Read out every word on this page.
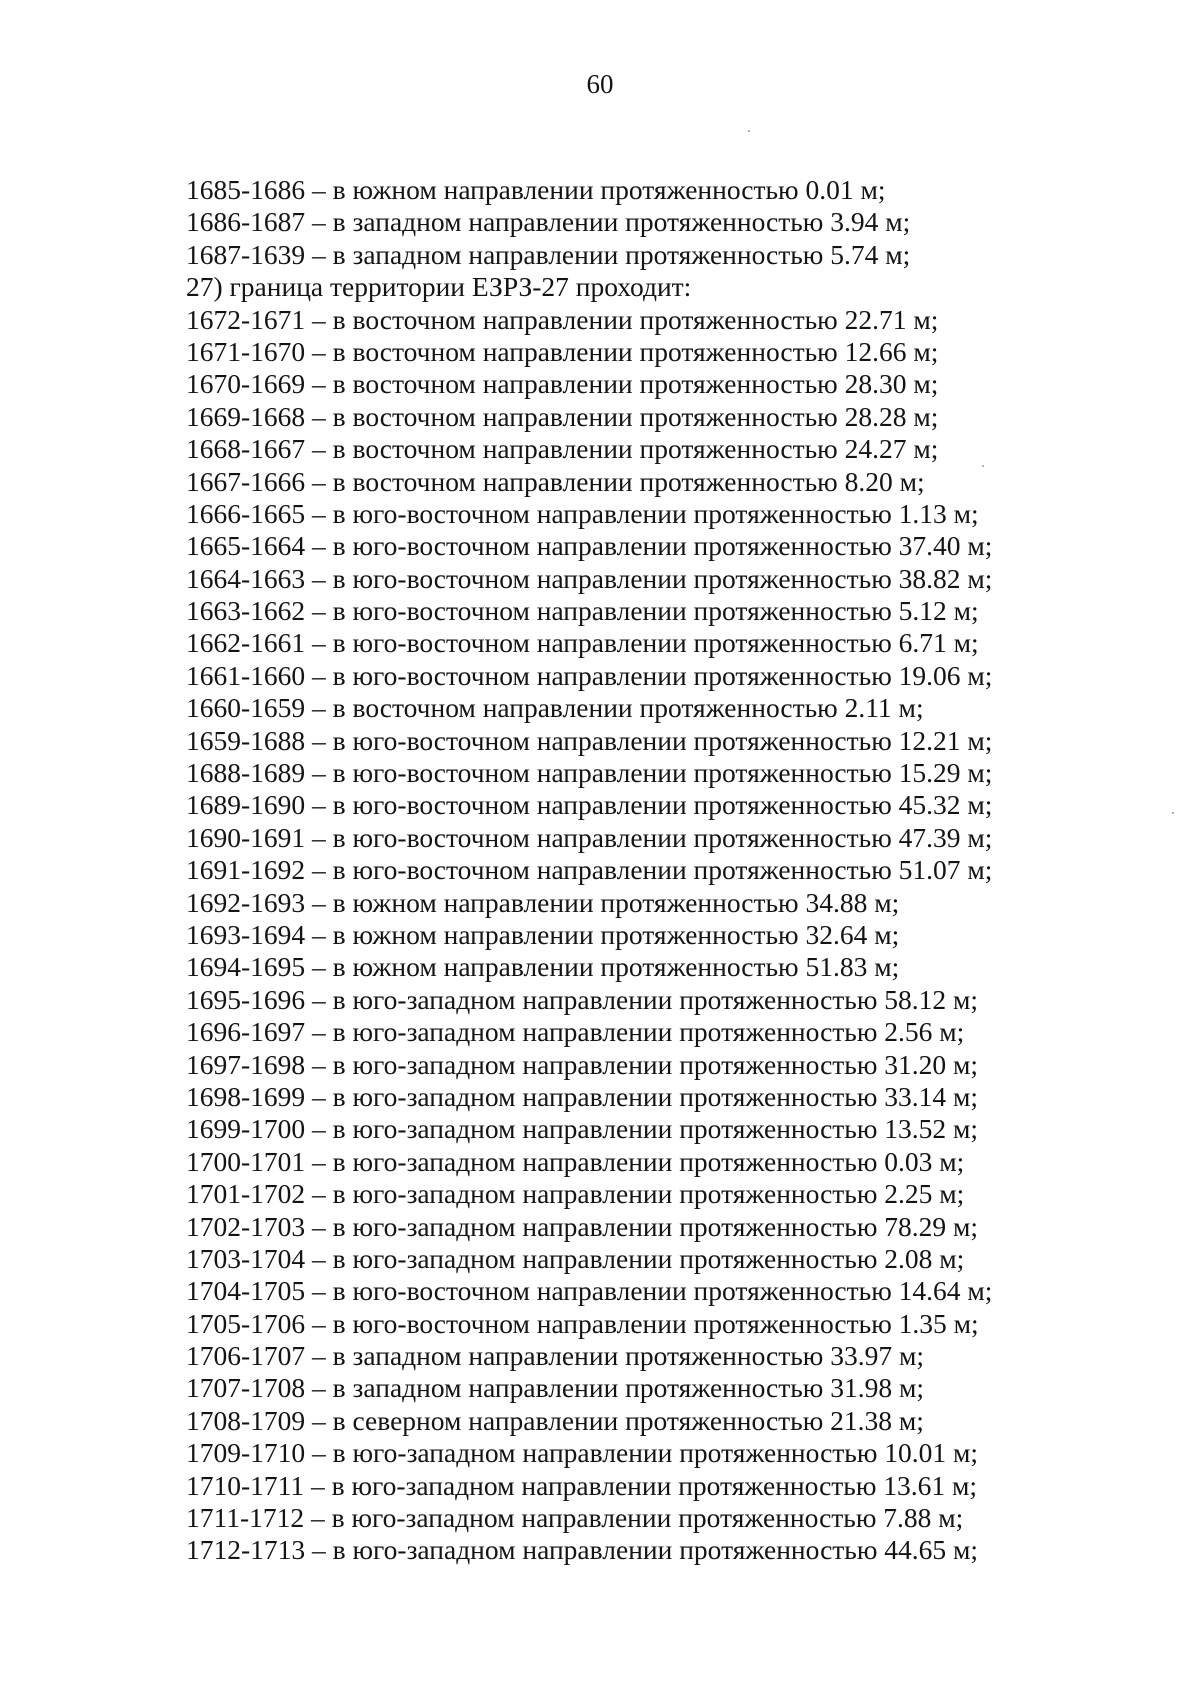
60
1685-1686 – в южном направлении протяженностью 0.01 м;
1686-1687 – в западном направлении протяженностью 3.94 м;
1687-1639 – в западном направлении протяженностью 5.74 м;
27) граница территории ЕЗРЗ-27 проходит:
1672-1671 – в восточном направлении протяженностью 22.71 м;
1671-1670 – в восточном направлении протяженностью 12.66 м;
1670-1669 – в восточном направлении протяженностью 28.30 м;
1669-1668 – в восточном направлении протяженностью 28.28 м;
1668-1667 – в восточном направлении протяженностью 24.27 м;
1667-1666 – в восточном направлении протяженностью 8.20 м;
1666-1665 – в юго-восточном направлении протяженностью 1.13 м;
1665-1664 – в юго-восточном направлении протяженностью 37.40 м;
1664-1663 – в юго-восточном направлении протяженностью 38.82 м;
1663-1662 – в юго-восточном направлении протяженностью 5.12 м;
1662-1661 – в юго-восточном направлении протяженностью 6.71 м;
1661-1660 – в юго-восточном направлении протяженностью 19.06 м;
1660-1659 – в восточном направлении протяженностью 2.11 м;
1659-1688 – в юго-восточном направлении протяженностью 12.21 м;
1688-1689 – в юго-восточном направлении протяженностью 15.29 м;
1689-1690 – в юго-восточном направлении протяженностью 45.32 м;
1690-1691 – в юго-восточном направлении протяженностью 47.39 м;
1691-1692 – в юго-восточном направлении протяженностью 51.07 м;
1692-1693 – в южном направлении протяженностью 34.88 м;
1693-1694 – в южном направлении протяженностью 32.64 м;
1694-1695 – в южном направлении протяженностью 51.83 м;
1695-1696 – в юго-западном направлении протяженностью 58.12 м;
1696-1697 – в юго-западном направлении протяженностью 2.56 м;
1697-1698 – в юго-западном направлении протяженностью 31.20 м;
1698-1699 – в юго-западном направлении протяженностью 33.14 м;
1699-1700 – в юго-западном направлении протяженностью 13.52 м;
1700-1701 – в юго-западном направлении протяженностью 0.03 м;
1701-1702 – в юго-западном направлении протяженностью 2.25 м;
1702-1703 – в юго-западном направлении протяженностью 78.29 м;
1703-1704 – в юго-западном направлении протяженностью 2.08 м;
1704-1705 – в юго-восточном направлении протяженностью 14.64 м;
1705-1706 – в юго-восточном направлении протяженностью 1.35 м;
1706-1707 – в западном направлении протяженностью 33.97 м;
1707-1708 – в западном направлении протяженностью 31.98 м;
1708-1709 – в северном направлении протяженностью 21.38 м;
1709-1710 – в юго-западном направлении протяженностью 10.01 м;
1710-1711 – в юго-западном направлении протяженностью 13.61 м;
1711-1712 – в юго-западном направлении протяженностью 7.88 м;
1712-1713 – в юго-западном направлении протяженностью 44.65 м;
